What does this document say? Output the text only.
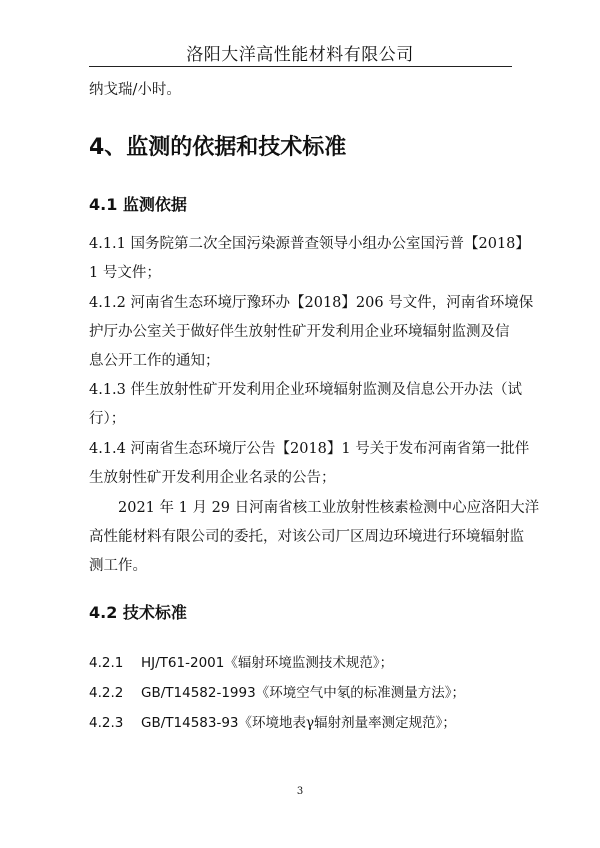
洛阳大洋高性能材料有限公司
纳戈瑞/小时。
4、监测的依据和技术标准
4.1 监测依据
4.1.1 国务院第二次全国污染源普查领导小组办公室国污普【2018】
1 号文件；
4.1.2 河南省生态环境厅豫环办【2018】206 号文件，河南省环境保
护厅办公室关于做好伴生放射性矿开发利用企业环境辐射监测及信
息公开工作的通知；
4.1.3 伴生放射性矿开发利用企业环境辐射监测及信息公开办法（试
行）；
4.1.4 河南省生态环境厅公告【2018】1 号关于发布河南省第一批伴
生放射性矿开发利用企业名录的公告；
　　2021 年 1 月 29 日河南省核工业放射性核素检测中心应洛阳大洋
高性能材料有限公司的委托，对该公司厂区周边环境进行环境辐射监
测工作。
4.2 技术标准
4.2.1 HJ/T61-2001《辐射环境监测技术规范》；
4.2.2 GB/T14582-1993《环境空气中氡的标准测量方法》；
4.2.3 GB/T14583-93《环境地表γ辐射剂量率测定规范》；
3
